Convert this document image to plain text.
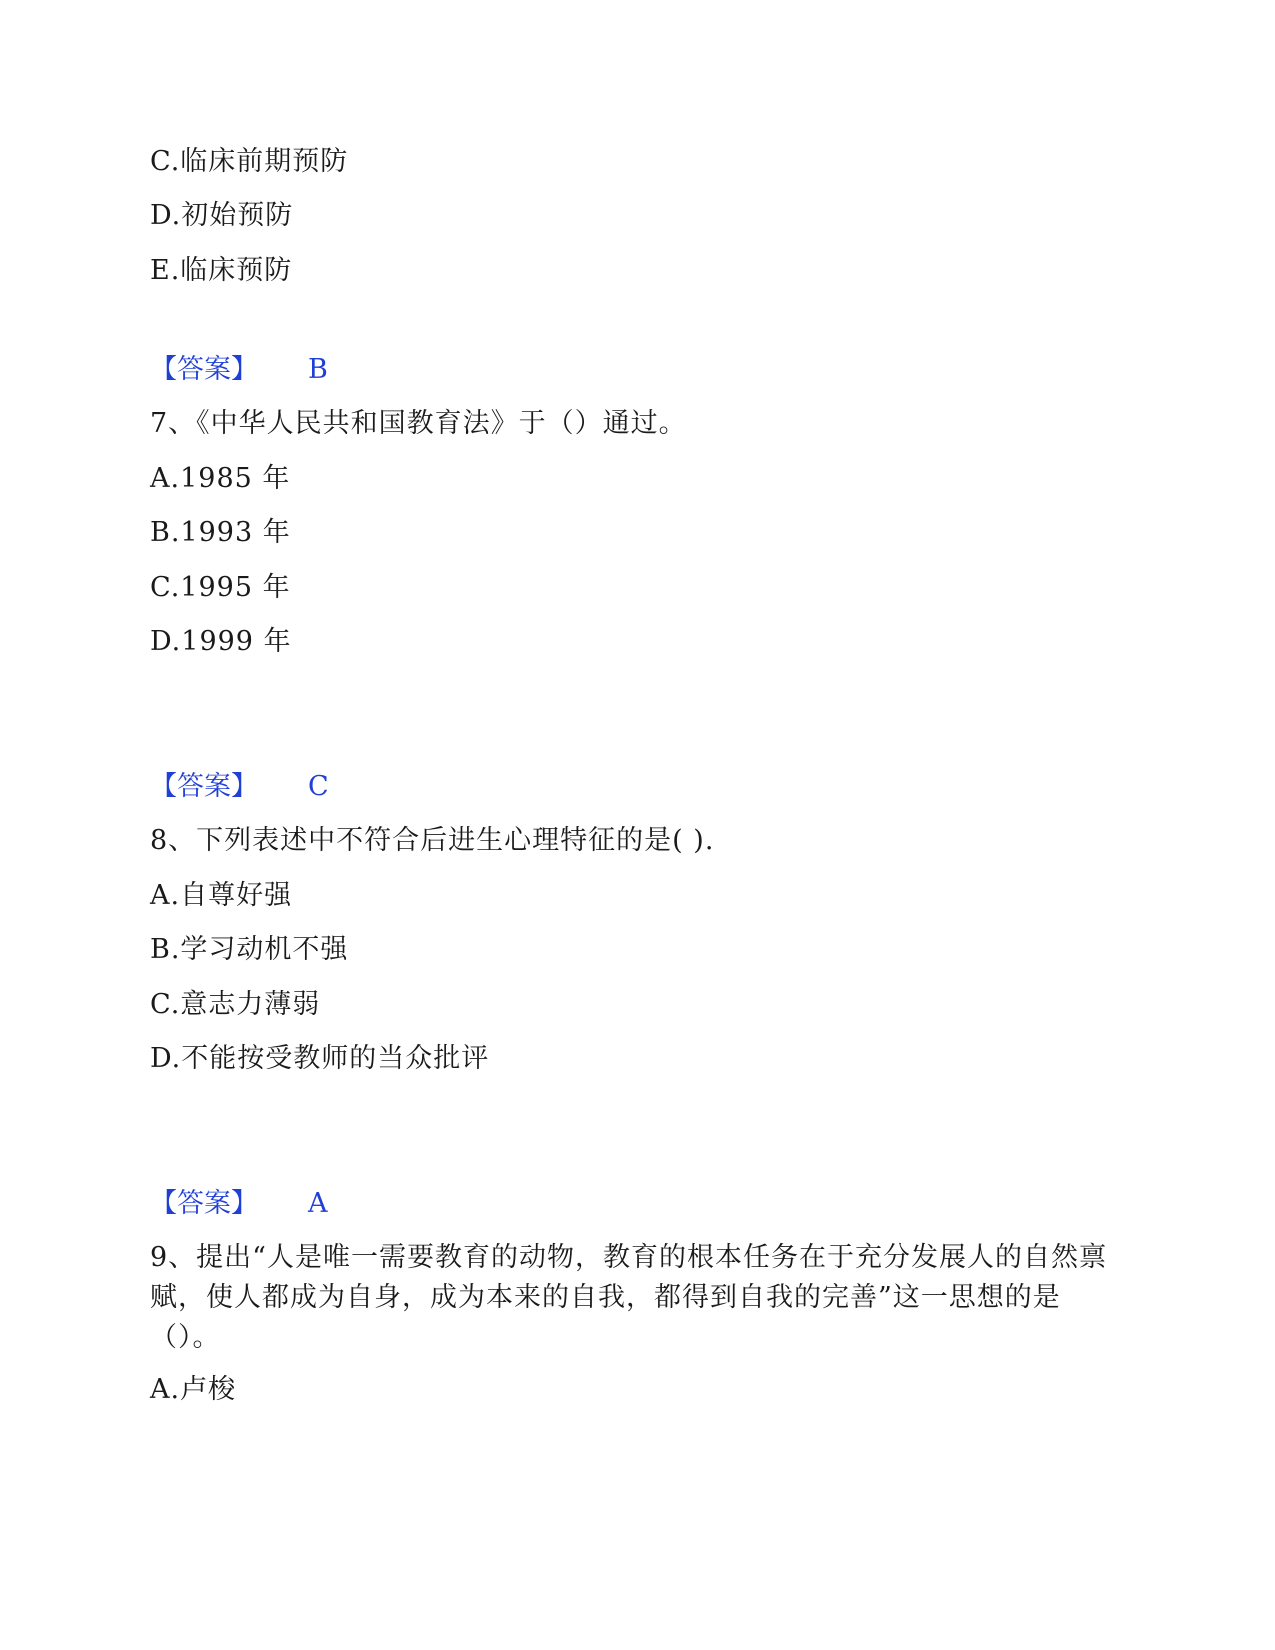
C.临床前期预防
D.初始预防
E.临床预防
【答案】 B
7、《中华人民共和国教育法》于（）通过。
A.1985 年
B.1993 年
C.1995 年
D.1999 年
【答案】 C
8、下列表述中不符合后进生心理特征的是( ).
A.自尊好强
B.学习动机不强
C.意志力薄弱
D.不能按受教师的当众批评
【答案】 A
9、提出“人是唯一需要教育的动物，教育的根本任务在于充分发展人的自然禀赋，使人都成为自身，成为本来的自我，都得到自我的完善”这一思想的是（）。
A.卢梭
